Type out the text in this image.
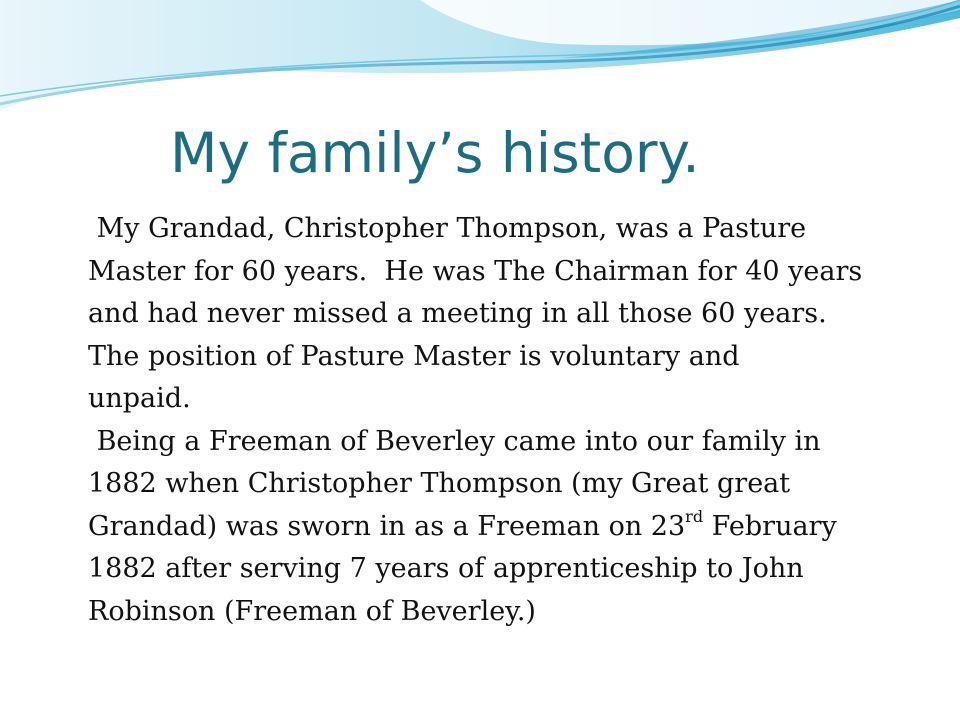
My family’s history.

My Grandad, Christopher Thompson, was a Pasture
Master for 60 years.  He was The Chairman for 40 years
and had never missed a meeting in all those 60 years.
The position of Pasture Master is voluntary and
unpaid.

Being a Freeman of Beverley came into our family in
1882 when Christopher Thompson (my Great great
Grandad) was sworn in as a Freeman on 23rd February
1882 after serving 7 years of apprenticeship to John
Robinson (Freeman of Beverley.)
